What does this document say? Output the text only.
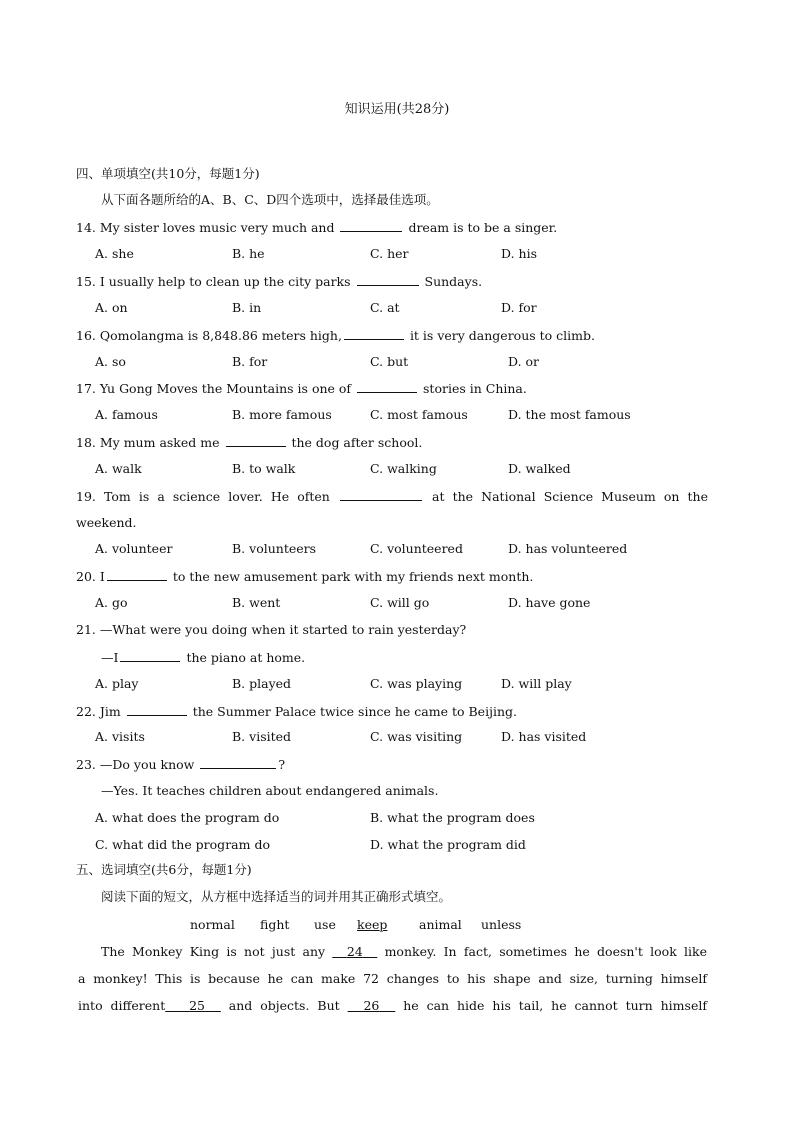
知识运用(共28分)
四、单项填空(共10分，每题1分)
从下面各题所给的A、B、C、D四个选项中，选择最佳选项。
14. My sister loves music very much and	dream is to be a singer.
A. she	B. he	C. her	D. his
15. I usually help to clean up the city parks	Sundays.
A. on	B. in	C. at	D. for
16. Qomolangma is 8,848.86 meters high,	it is very dangerous to climb.
A. so	B. for	C. but	D. or
17. Yu Gong Moves the Mountains is one of	stories in China.
A. famous	B. more famous	C. most famous	D. the most famous
18. My mum asked me	the dog after school.
A. walk	B. to walk	C. walking	D. walked
19. Tom is a science lover. He often	at the National Science Museum on the
weekend.
A. volunteer	B. volunteers	C. volunteered	D. has volunteered
20. I	to the new amusement park with my friends next month.
A. go	B. went	C. will go	D. have gone
21. —What were you doing when it started to rain yesterday?
—I	the piano at home.
A. play	B. played	C. was playing	D. will play
22. Jim	the Summer Palace twice since he came to Beijing.
A. visits	B. visited	C. was visiting	D. has visited
23. —Do you know	?
—Yes. It teaches children about endangered animals.
A. what does the program do	B. what the program does
C. what did the program do	D. what the program did
五、选词填空(共6分，每题1分)
阅读下面的短文，从方框中选择适当的词并用其正确形式填空。
normal fight use keep	animal unless
The Monkey King is not just any 24 monkey. In fact, sometimes he doesn't look like
a monkey! This is because he can make 72 changes to his shape and size, turning himself
into different 25 and objects. But 26 he can hide his tail, he cannot turn himself
